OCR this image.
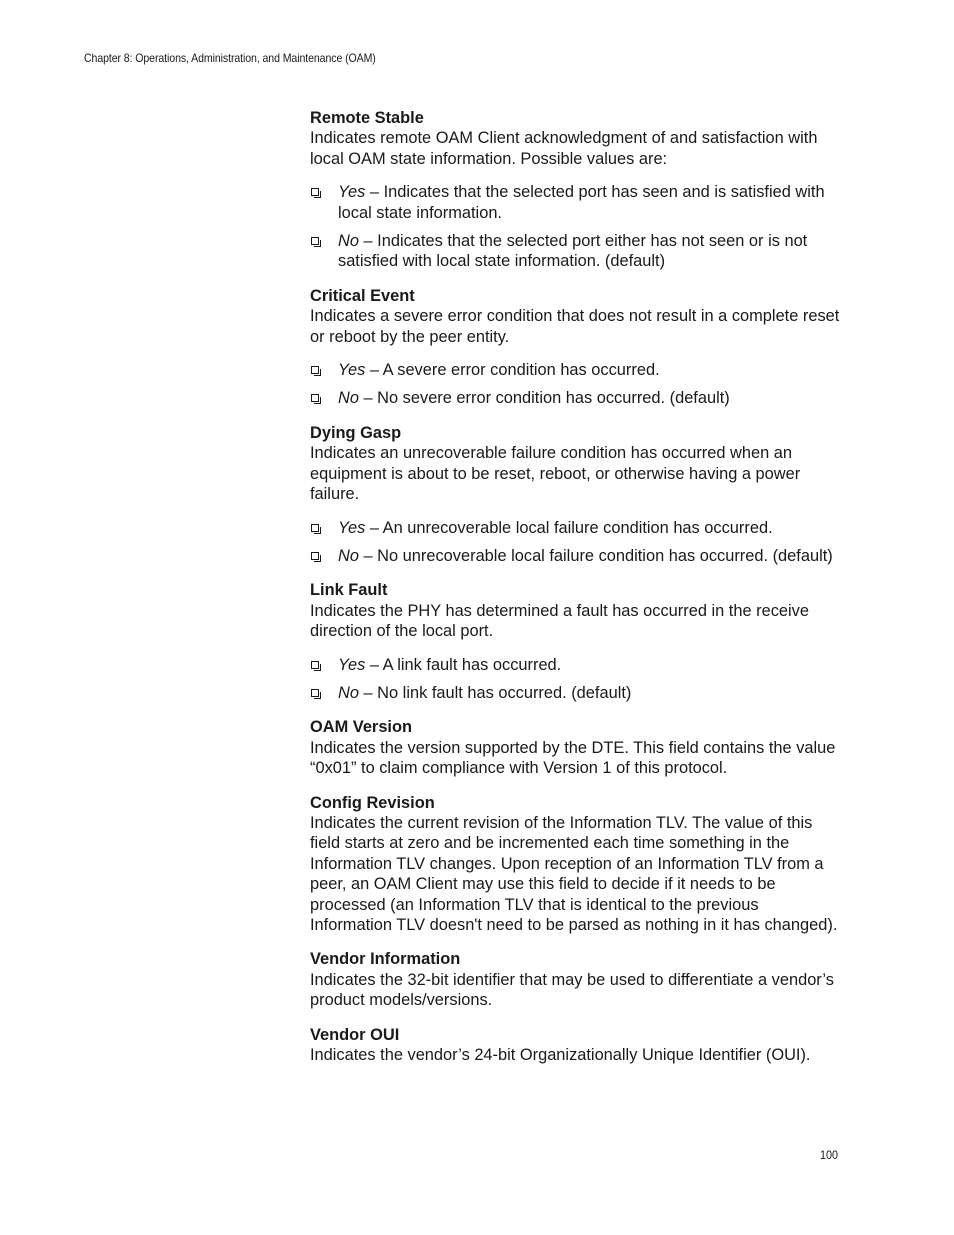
Chapter 8: Operations, Administration, and Maintenance (OAM)

Remote Stable

Indicates remote OAM Client acknowledgment of and satisfaction with local OAM state information. Possible values are:

Yes – Indicates that the selected port has seen and is satisfied with local state information.
No – Indicates that the selected port either has not seen or is not satisfied with local state information. (default)

Critical Event

Indicates a severe error condition that does not result in a complete reset or reboot by the peer entity.

Yes – A severe error condition has occurred.
No – No severe error condition has occurred. (default)

Dying Gasp

Indicates an unrecoverable failure condition has occurred when an equipment is about to be reset, reboot, or otherwise having a power failure.

Yes – An unrecoverable local failure condition has occurred.
No – No unrecoverable local failure condition has occurred. (default)

Link Fault

Indicates the PHY has determined a fault has occurred in the receive direction of the local port.

Yes – A link fault has occurred.
No – No link fault has occurred. (default)

OAM Version

Indicates the version supported by the DTE. This field contains the value “0x01” to claim compliance with Version 1 of this protocol.

Config Revision

Indicates the current revision of the Information TLV. The value of this field starts at zero and be incremented each time something in the Information TLV changes. Upon reception of an Information TLV from a peer, an OAM Client may use this field to decide if it needs to be processed (an Information TLV that is identical to the previous Information TLV doesn't need to be parsed as nothing in it has changed).

Vendor Information

Indicates the 32-bit identifier that may be used to differentiate a vendor’s product models/versions.

Vendor OUI

Indicates the vendor’s 24-bit Organizationally Unique Identifier (OUI).

100
